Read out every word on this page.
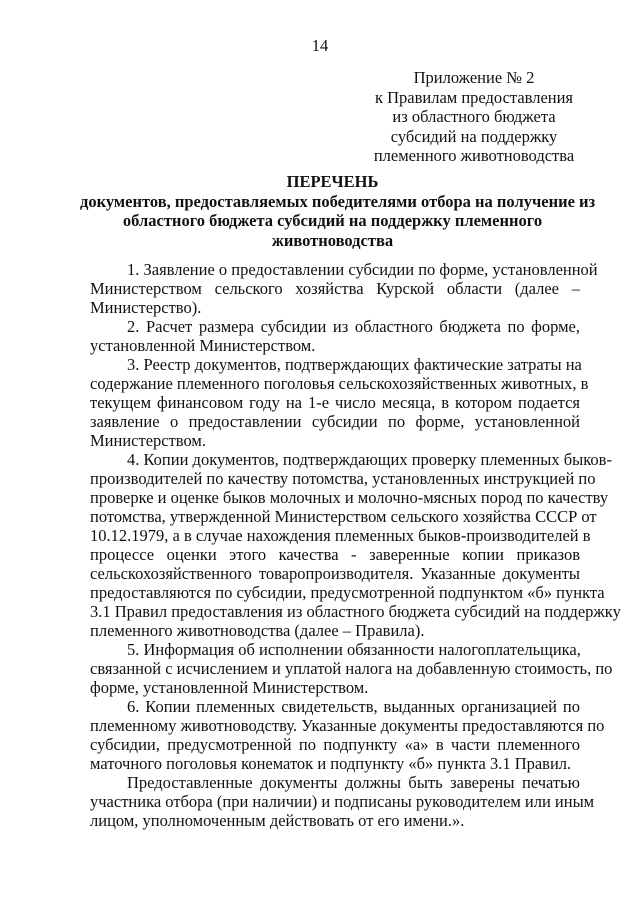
14
Приложение № 2
к Правилам предоставления
из областного бюджета
субсидий на поддержку
племенного животноводства
ПЕРЕЧЕНЬ
документов, предоставляемых победителями отбора на получение из
областного бюджета субсидий на поддержку племенного
животноводства
1. Заявление о предоставлении субсидии по форме, установленной
Министерством сельского хозяйства Курской области (далее –
Министерство).
2. Расчет размера субсидии из областного бюджета по форме,
установленной Министерством.
3. Реестр документов, подтверждающих фактические затраты на
содержание племенного поголовья сельскохозяйственных животных, в
текущем финансовом году на 1-е число месяца, в котором подается
заявление о предоставлении субсидии по форме, установленной
Министерством.
4. Копии документов, подтверждающих проверку племенных быков-
производителей по качеству потомства, установленных инструкцией по
проверке и оценке быков молочных и молочно-мясных пород по качеству
потомства, утвержденной Министерством сельского хозяйства СССР от
10.12.1979, а в случае нахождения племенных быков-производителей в
процессе оценки этого качества - заверенные копии приказов
сельскохозяйственного товаропроизводителя. Указанные документы
предоставляются по субсидии, предусмотренной подпунктом «б» пункта
3.1 Правил предоставления из областного бюджета субсидий на поддержку
племенного животноводства (далее – Правила).
5. Информация об исполнении обязанности налогоплательщика,
связанной с исчислением и уплатой налога на добавленную стоимость, по
форме, установленной Министерством.
6. Копии племенных свидетельств, выданных организацией по
племенному животноводству. Указанные документы предоставляются по
субсидии, предусмотренной по подпункту «а» в части племенного
маточного поголовья конематок и подпункту «б» пункта 3.1 Правил.
Предоставленные документы должны быть заверены печатью
участника отбора (при наличии) и подписаны руководителем или иным
лицом, уполномоченным действовать от его имени.».
